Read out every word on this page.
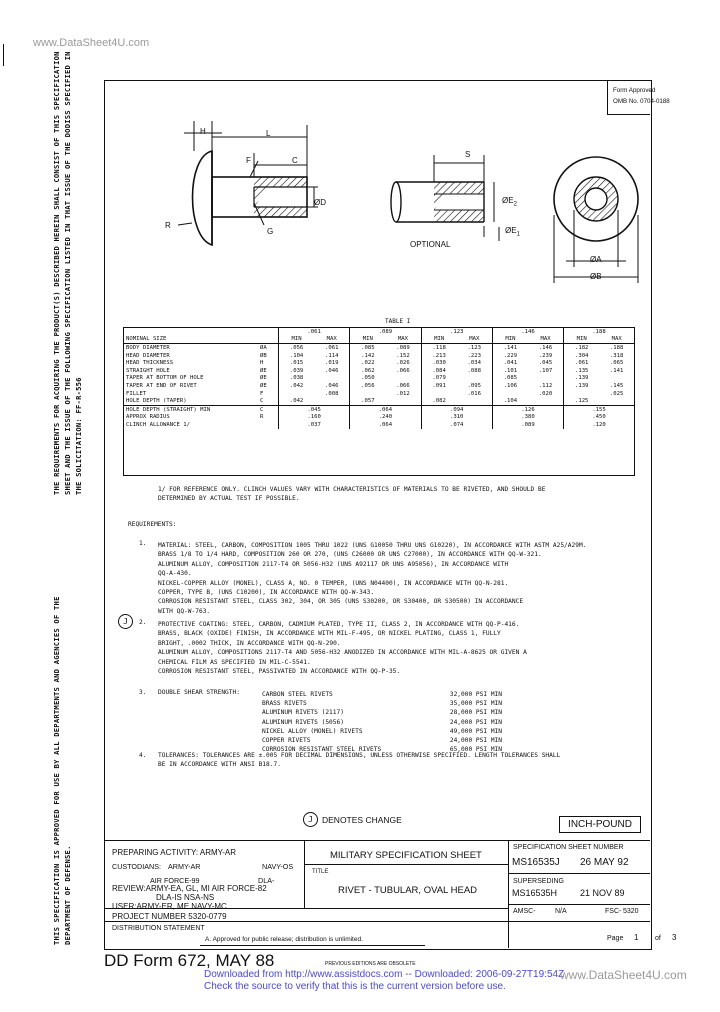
www.DataSheet4U.com
THE REQUIREMENTS FOR ACQUIRING THE PRODUCT(S) DESCRIBED HEREIN SHALL CONSIST OF THIS SPECIFICATION SHEET AND THE ISSUE OF THE FOLLOWING SPECIFICATION LISTED IN THAT ISSUE OF THE DODISS SPECIFIED IN THE SOLICITATION: FF-R-556
THIS SPECIFICATION IS APPROVED FOR USE BY ALL DEPARTMENTS AND AGENCIES OF THE DEPARTMENT OF DEFENSE.
Form Approved
OMB No. 0704-0188
H	L
F	C
ØD
R
G
S
$ØE_2$
$ØE_1$
OPTIONAL
ØA
ØB
TABLE I
		.061		.089		.123		.146		.188	
NOMINAL SIZE		MIN	MAX	MIN	MAX	MIN	MAX	MIN	MAX	MIN	MAX
BODY DIAMETER	ØA	.056	.061	.085	.089	.118	.123	.141	.146	.182	.188
HEAD DIAMETER	ØB	.104	.114	.142	.152	.213	.223	.229	.239	.304	.318
HEAD THICKNESS	H	.015	.019	.022	.026	.030	.034	.041	.045	.061	.065
STRAIGHT HOLE	ØE	.039	.046	.062	.066	.084	.088	.101	.107	.135	.141
TAPER AT BOTTOM OF HOLE	ØE	.038		.050		.079		.085		.139	
TAPER AT END OF RIVET	ØE	.042	.046	.056	.066	.091	.095	.106	.112	.139	.145
FILLET	F		.008		.012		.016		.020		.025
HOLE DEPTH (TAPER)	C	.042		.057		.082		.104		.125	
HOLE DEPTH (STRAIGHT) MIN	C	.045		.064		.094		.126		.155	
APPROX RADIUS	R	.160		.240		.310		.380		.450	
CLINCH ALLOWANCE 1/		.037		.064		.074		.089		.120	
1/ FOR REFERENCE ONLY. CLINCH VALUES VARY WITH CHARACTERISTICS OF MATERIALS TO BE RIVETED, AND SHOULD BE
DETERMINED BY ACTUAL TEST IF POSSIBLE.
REQUIREMENTS:
1. MATERIAL: STEEL, CARBON, COMPOSITION 1005 THRU 1022 (UNS G10050 THRU UNS G10220), IN ACCORDANCE WITH ASTM A25/A29M.
BRASS 1/8 TO 1/4 HARD, COMPOSITION 260 OR 270, (UNS C26000 OR UNS C27000), IN ACCORDANCE WITH QQ-W-321.
ALUMINUM ALLOY, COMPOSITION 2117-T4 OR 5056-H32 (UNS A92117 OR UNS A95056), IN ACCORDANCE WITH
QQ-A-430.
NICKEL-COPPER ALLOY (MONEL), CLASS A, NO. 0 TEMPER, (UNS N04400), IN ACCORDANCE WITH QQ-N-281.
COPPER, TYPE B, (UNS C10200), IN ACCORDANCE WITH QQ-W-343.
CORROSION RESISTANT STEEL, CLASS 302, 304, OR 305 (UNS S30200, OR S30400, OR S30500) IN ACCORDANCE
WITH QQ-W-763.
J	2. PROTECTIVE COATING: STEEL, CARBON, CADMIUM PLATED, TYPE II, CLASS 2, IN ACCORDANCE WITH QQ-P-416.
BRASS, BLACK (OXIDE) FINISH, IN ACCORDANCE WITH MIL-F-495, OR NICKEL PLATING, CLASS 1, FULLY
BRIGHT, .0002 THICK, IN ACCORDANCE WITH QQ-N-290.
ALUMINUM ALLOY, COMPOSITIONS 2117-T4 AND 5056-H32 ANODIZED IN ACCORDANCE WITH MIL-A-8625 OR GIVEN A
CHEMICAL FILM AS SPECIFIED IN MIL-C-5541.
CORROSION RESISTANT STEEL, PASSIVATED IN ACCORDANCE WITH QQ-P-35.
3. DOUBLE SHEAR STRENGTH:	CARBON STEEL RIVETS	32,000 PSI MIN
BRASS RIVETS	35,000 PSI MIN
ALUMINUM RIVETS (2117)	28,000 PSI MIN
ALUMINUM RIVETS (5056)	24,000 PSI MIN
NICKEL ALLOY (MONEL) RIVETS	49,000 PSI MIN
COPPER RIVETS	24,000 PSI MIN
CORROSION RESISTANT STEEL RIVETS	65,000 PSI MIN
4. TOLERANCES: TOLERANCES ARE ±.005 FOR DECIMAL DIMENSIONS, UNLESS OTHERWISE SPECIFIED. LENGTH TOLERANCES SHALL
BE IN ACCORDANCE WITH ANSI B18.7.
J	DENOTES CHANGE	INCH-POUND
PREPARING ACTIVITY: ARMY-AR
CUSTODIANS: ARMY-AR	NAVY-OS
AIR FORCE-99	DLA-
REVIEW:ARMY-EA, GL, MI AIR FORCE-82
DLA-IS NSA-NS
USER:ARMY-ER, ME NAVY-MC
PROJECT NUMBER 5320-0779
MILITARY SPECIFICATION SHEET
TITLE
RIVET - TUBULAR, OVAL HEAD
SPECIFICATION SHEET NUMBER
MS16535J 26 MAY 92
SUPERSEDING
MS16535H	21 NOV 89
AMSC-	N/A	FSC- 5320
DISTRIBUTION STATEMENT
A. Approved for public release; distribution is unlimited.	Page 1 of 3
DD Form 672, MAY 88	PREVIOUS EDITIONS ARE OBSOLETE
Downloaded from http://www.assistdocs.com -- Downloaded: 2006-09-27T19:54Z
Check the source to verify that this is the current version before use.
www.DataSheet4U.com
